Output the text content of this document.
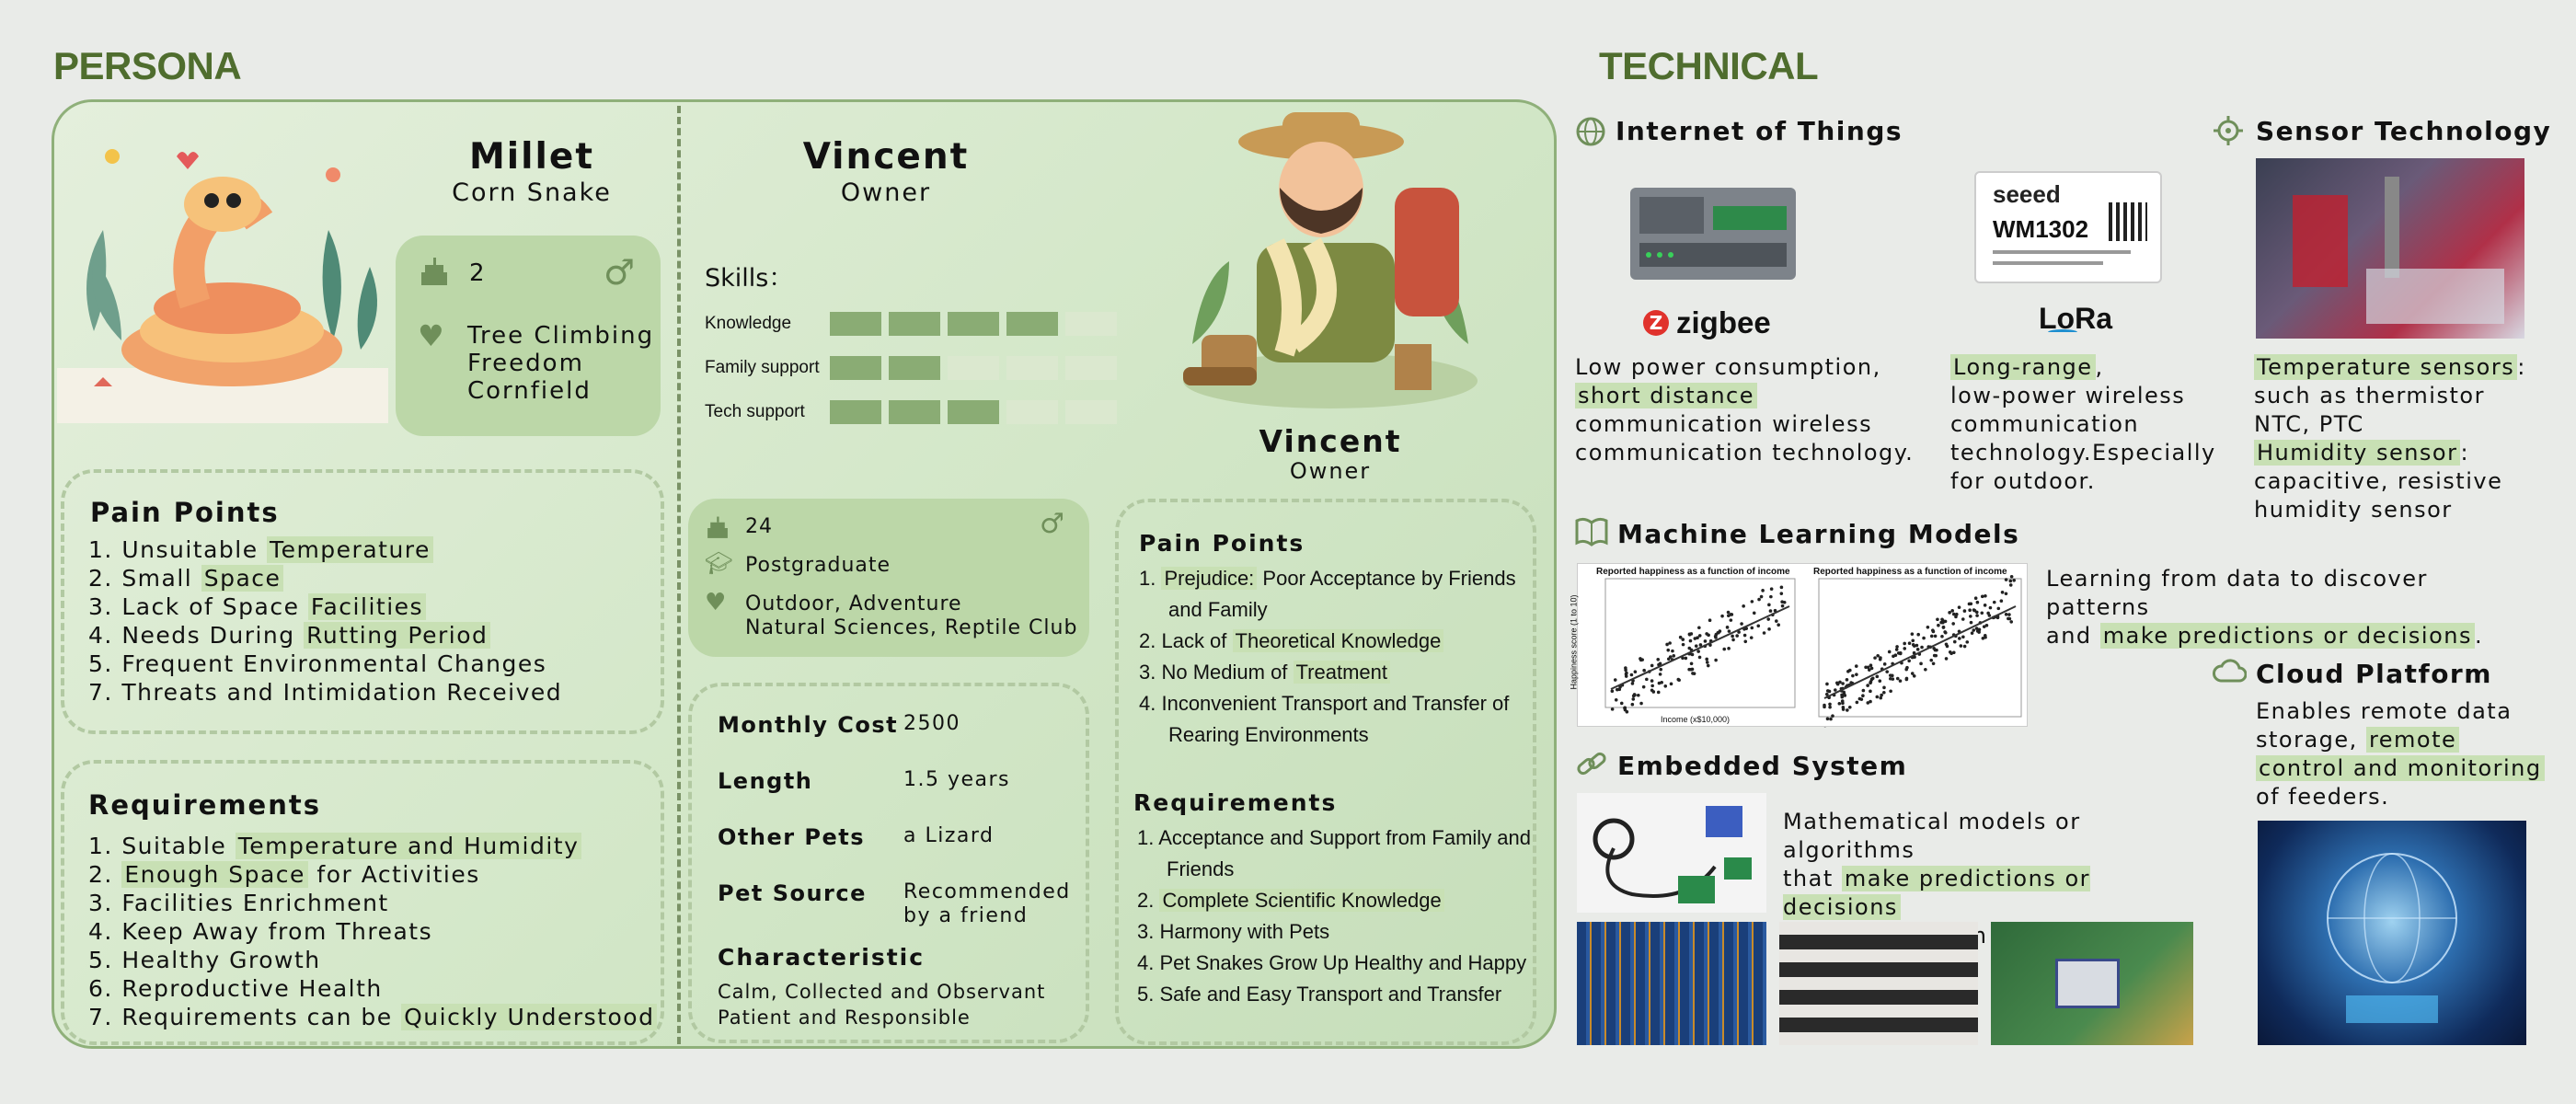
PERSONA
Millet
Corn Snake
2	♂
♥ Tree Climbing
Freedom
Cornfield
Pain Points
1. Unsuitable Temperature
2. Small Space
3. Lack of Space Facilities
4. Needs During Rutting Period
5. Frequent Environmental Changes
7. Threats and Intimidation Received
Requirements
1. Suitable Temperature and Humidity
2. Enough Space for Activities
3. Facilities Enrichment
4. Keep Away from Threats
5. Healthy Growth
6. Reproductive Health
7. Requirements can be Quickly Understood
Vincent
Owner
Skills：
Knowledge
Family support
Tech support
Vincent
Owner
24	♂
🎓︎ Postgraduate
♥ Outdoor, Adventure
Natural Sciences, Reptile Club
Monthly Cost 2500
Length	1.5 years
Other Pets	a Lizard
Pet Source	Recommended by a friend
Characteristic
Calm, Collected and Observant
Patient and Responsible
Pain Points
1. Prejudice: Poor Acceptance by Friends and Family
2. Lack of Theoretical Knowledge
3. No Medium of Treatment
4. Inconvenient Transport and Transfer of Rearing Environments
Requirements
1. Acceptance and Support from Family and Friends
2. Complete Scientific Knowledge
3. Harmony with Pets
4. Pet Snakes Grow Up Healthy and Happy
5. Safe and Easy Transport and Transfer
TECHNICAL
Internet of Things
Z zigbee
Low power consumption,
short distance
communication wireless
communication technology.
seeed
WM1302
LoRa
Long-range ,
low-power wireless
communication
technology.Especially
for outdoor.
Sensor Technology
Temperature sensors :
such as thermistor
NTC, PTC
Humidity sensor :
capacitive, resistive
humidity sensor
Machine Learning Models
Reported happiness as a function of income	Reported happiness as a function of income
Income (x$10,000)
Happiness score (1 to 10)
Learning from data to discover patterns
and make predictions or decisions .
Cloud Platform
Enables remote data
storage, remote
control and monitoring
of feeders.
Embedded System
Mathematical models or algorithms
that make predictions or decisions
